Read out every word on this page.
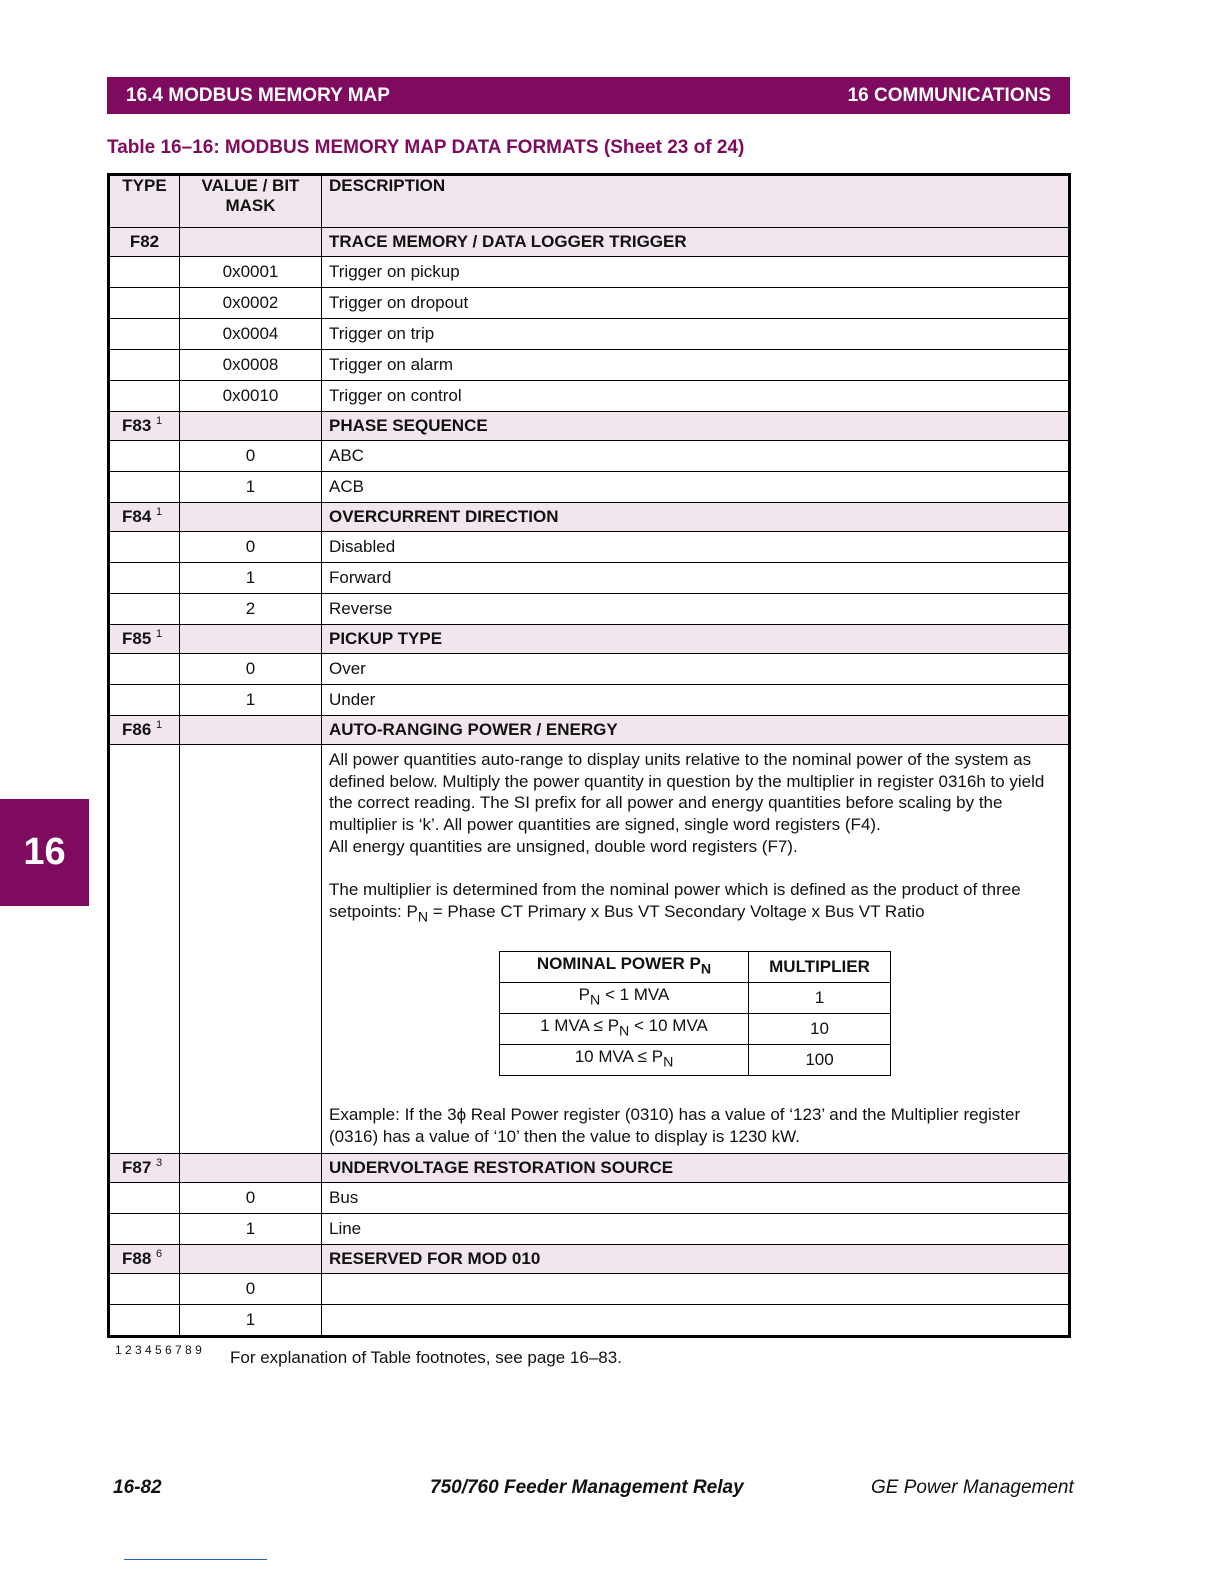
16.4 MODBUS MEMORY MAP	16 COMMUNICATIONS
16
Table 16–16: MODBUS MEMORY MAP DATA FORMATS (Sheet 23 of 24)
TYPE	VALUE / BIT MASK	DESCRIPTION
F82		TRACE MEMORY / DATA LOGGER TRIGGER
	0x0001	Trigger on pickup
	0x0002	Trigger on dropout
	0x0004	Trigger on trip
	0x0008	Trigger on alarm
	0x0010	Trigger on control
F83 $^1$		PHASE SEQUENCE
	0	ABC
	1	ACB
F84 $^1$		OVERCURRENT DIRECTION
	0	Disabled
	1	Forward
	2	Reverse
F85 $^1$		PICKUP TYPE
	0	Over
	1	Under
F86 $^1$		AUTO-RANGING POWER / ENERGY

All power quantities auto-range to display units relative to the nominal power of the system as defined below. Multiply the power quantity in question by the multiplier in register 0316h to yield the correct reading. The SI prefix for all power and energy quantities before scaling by the multiplier is ‘k’. All power quantities are signed, single word registers (F4).

All energy quantities are unsigned, double word registers (F7).

The multiplier is determined from the nominal power which is defined as the product of three setpoints: $P_N$ = Phase CT Primary x Bus VT Secondary Voltage x Bus VT Ratio

NOMINAL POWER $P_N$	MULTIPLIER
$P_N < 1$ MVA	1
1 MVA ≤ $P_N < 10$ MVA	10
10 MVA ≤ $P_N$	100

Example: If the 3ϕ Real Power register (0310) has a value of ‘123’ and the Multiplier register (0316) has a value of ‘10’ then the value to display is 1230 kW.

F87 $^3$		UNDERVOLTAGE RESTORATION SOURCE
	0	Bus
	1	Line
F88 $^6$		RESERVED FOR MOD 010
	0	
	1	
1 2 3 4 5 6 7 8 9 For explanation of Table footnotes, see page 16–83.
16-82	750/760 Feeder Management Relay	GE Power Management
